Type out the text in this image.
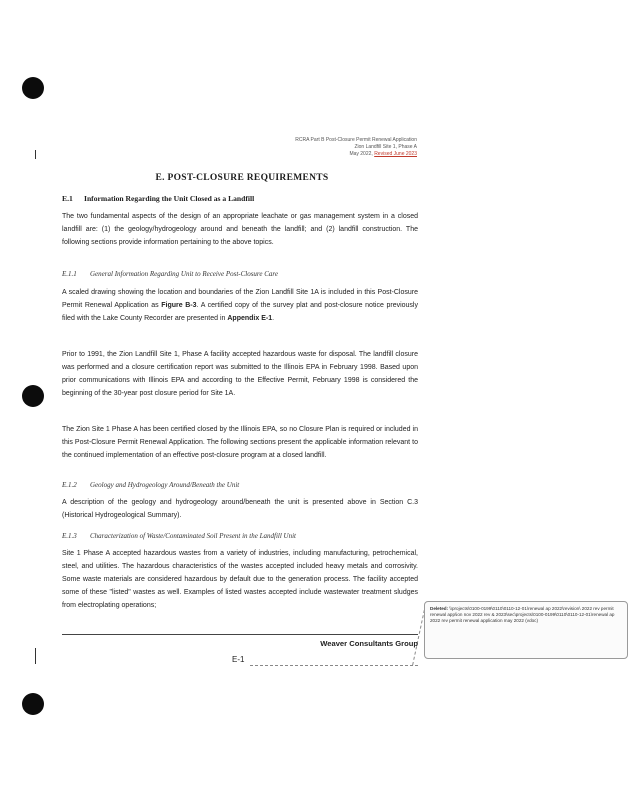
RCRA Part B Post-Closure Permit Renewal Application
Zion Landfill Site 1, Phase A
May 2022, Revised June 2023
E. POST-CLOSURE REQUIREMENTS
E.1 Information Regarding the Unit Closed as a Landfill
The two fundamental aspects of the design of an appropriate leachate or gas management system in a closed landfill are: (1) the geology/hydrogeology around and beneath the landfill; and (2) landfill construction. The following sections provide information pertaining to the above topics.
E.1.1 General Information Regarding Unit to Receive Post-Closure Care
A scaled drawing showing the location and boundaries of the Zion Landfill Site 1A is included in this Post-Closure Permit Renewal Application as Figure B-3. A certified copy of the survey plat and post-closure notice previously filed with the Lake County Recorder are presented in Appendix E-1.
Prior to 1991, the Zion Landfill Site 1, Phase A facility accepted hazardous waste for disposal. The landfill closure was performed and a closure certification report was submitted to the Illinois EPA in February 1998. Based upon prior communications with Illinois EPA and according to the Effective Permit, February 1998 is considered the beginning of the 30-year post closure period for Site 1A.
The Zion Site 1 Phase A has been certified closed by the Illinois EPA, so no Closure Plan is required or included in this Post-Closure Permit Renewal Application. The following sections present the applicable information relevant to the continued implementation of an effective post-closure program at a closed landfill.
E.1.2 Geology and Hydrogeology Around/Beneath the Unit
A description of the geology and hydrogeology around/beneath the unit is presented above in Section C.3 (Historical Hydrogeological Summary).
E.1.3 Characterization of Waste/Contaminated Soil Present in the Landfill Unit
Site 1 Phase A accepted hazardous wastes from a variety of industries, including manufacturing, petrochemical, steel, and utilities. The hazardous characteristics of the wastes accepted included heavy metals and corrosivity. Some waste materials are considered hazardous by default due to the generation process. The facility accepted some of these "listed" wastes as well. Examples of listed wastes accepted include wastewater treatment sludges from electroplating operations;	Deleted: \\projects\0100-0199\0110\0110-12-01\renewal ap 2022\revision\ 2022 rev permit renewal app\ion nov 2022 rev & 2023\sec\projects\0100-0199\0110\0110-12-01\renewal ap 2022 rev permit renewal application may 2022 (vdoc)
Weaver Consultants Group
E-1
